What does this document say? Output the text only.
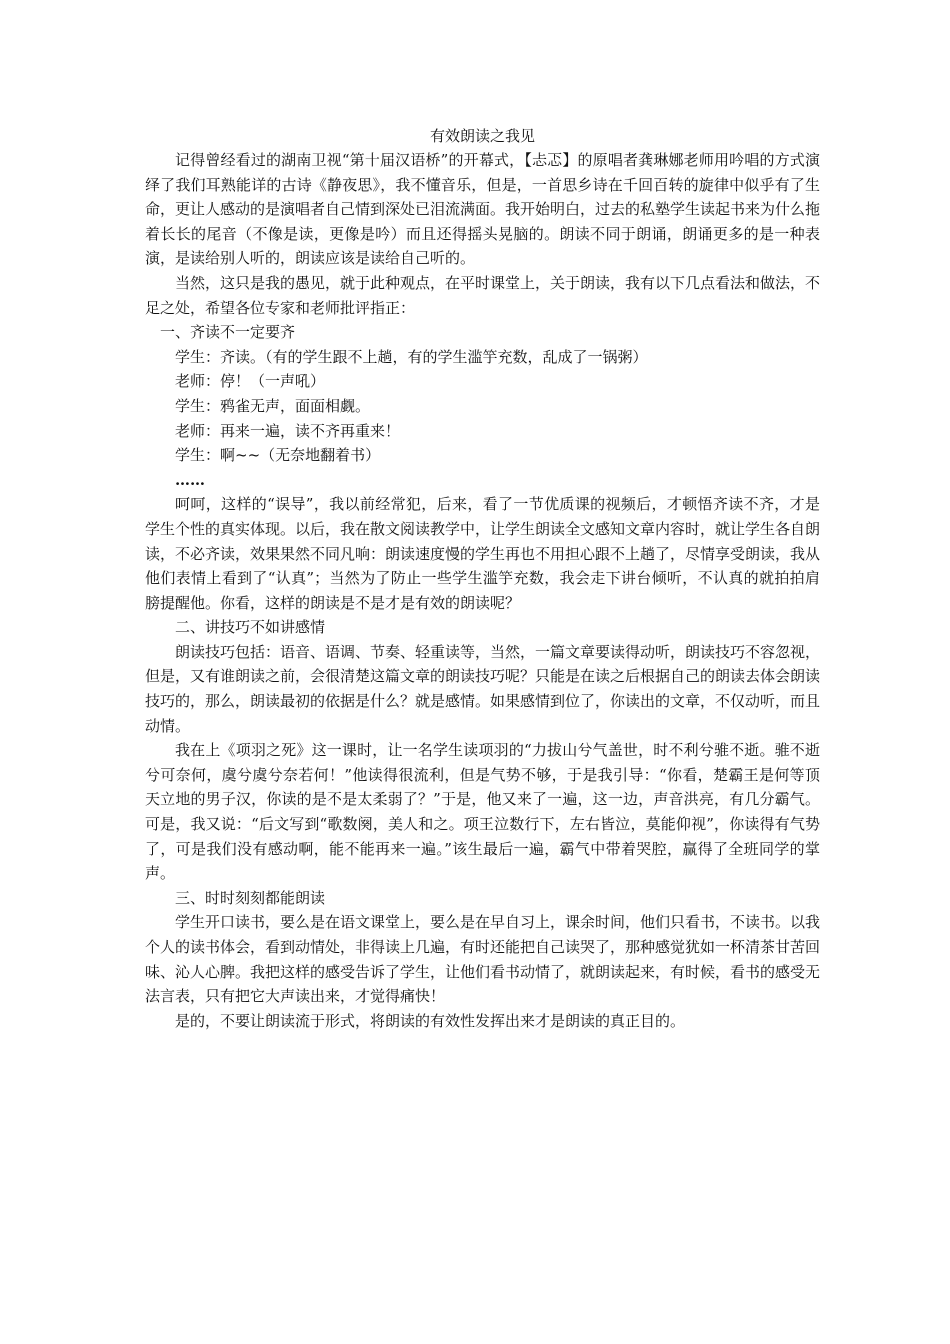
有效朗读之我见

记得曾经看过的湖南卫视“第十届汉语桥”的开幕式，【忐忑】的原唱者龚琳娜老师用吟唱的方式演绎了我们耳熟能详的古诗《静夜思》，我不懂音乐，但是，一首思乡诗在千回百转的旋律中似乎有了生命，更让人感动的是演唱者自己情到深处已泪流满面。我开始明白，过去的私塾学生读起书来为什么拖着长长的尾音（不像是读，更像是吟）而且还得摇头晃脑的。朗读不同于朗诵，朗诵更多的是一种表演，是读给别人听的，朗读应该是读给自己听的。

当然，这只是我的愚见，就于此种观点，在平时课堂上，关于朗读，我有以下几点看法和做法，不足之处，希望各位专家和老师批评指正：

一、齐读不一定要齐

学生：齐读。（有的学生跟不上趟，有的学生滥竽充数，乱成了一锅粥）

老师：停！（一声吼）

学生：鸦雀无声，面面相觑。

老师：再来一遍，读不齐再重来！

学生：啊~~（无奈地翻着书）

……

呵呵，这样的“误导”，我以前经常犯，后来，看了一节优质课的视频后，才顿悟齐读不齐，才是学生个性的真实体现。以后，我在散文阅读教学中，让学生朗读全文感知文章内容时，就让学生各自朗读，不必齐读，效果果然不同凡响：朗读速度慢的学生再也不用担心跟不上趟了，尽情享受朗读，我从他们表情上看到了“认真”；当然为了防止一些学生滥竽充数，我会走下讲台倾听，不认真的就拍拍肩膀提醒他。你看，这样的朗读是不是才是有效的朗读呢？

二、讲技巧不如讲感情

朗读技巧包括：语音、语调、节奏、轻重读等，当然，一篇文章要读得动听，朗读技巧不容忽视，但是，又有谁朗读之前，会很清楚这篇文章的朗读技巧呢？只能是在读之后根据自己的朗读去体会朗读技巧的，那么，朗读最初的依据是什么？就是感情。如果感情到位了，你读出的文章，不仅动听，而且动情。

我在上《项羽之死》这一课时，让一名学生读项羽的“力拔山兮气盖世，时不利兮骓不逝。骓不逝兮可奈何，虞兮虞兮奈若何！”他读得很流利，但是气势不够，于是我引导：“你看，楚霸王是何等顶天立地的男子汉，你读的是不是太柔弱了？”于是，他又来了一遍，这一边，声音洪亮，有几分霸气。可是，我又说：“后文写到“歌数阕，美人和之。项王泣数行下，左右皆泣，莫能仰视”，你读得有气势了，可是我们没有感动啊，能不能再来一遍。”该生最后一遍，霸气中带着哭腔，赢得了全班同学的掌声。

三、时时刻刻都能朗读

学生开口读书，要么是在语文课堂上，要么是在早自习上，课余时间，他们只看书，不读书。以我个人的读书体会，看到动情处，非得读上几遍，有时还能把自己读哭了，那种感觉犹如一杯清茶甘苦回味、沁人心脾。我把这样的感受告诉了学生，让他们看书动情了，就朗读起来，有时候，看书的感受无法言表，只有把它大声读出来，才觉得痛快！

是的，不要让朗读流于形式，将朗读的有效性发挥出来才是朗读的真正目的。
